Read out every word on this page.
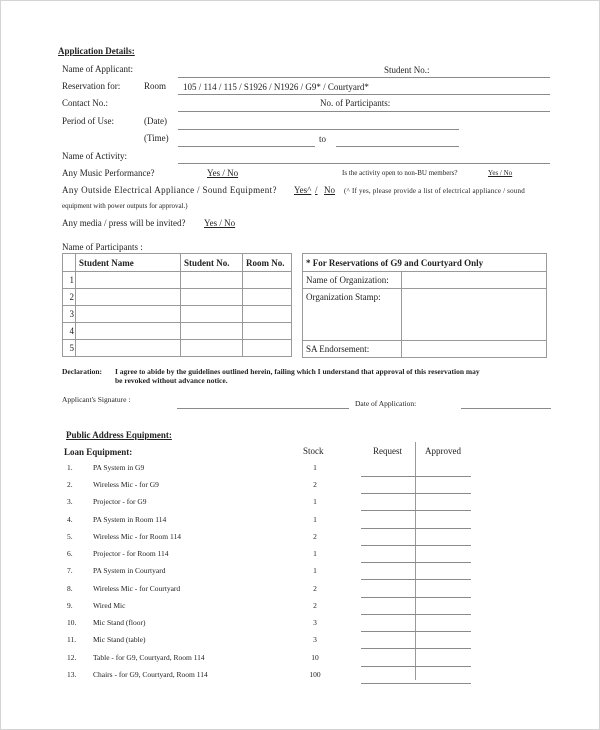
Application Details:
Name of Applicant:	Student No.:
Reservation for:	Room 105 / 114 / 115 / S1926 / N1926 / G9* / Courtyard*
Contact No.:	No. of Participants:
Period of Use:	(Date)
(Time)	to
Name of Activity:
Any Music Performance?	Yes / No	Is the activity open to non-BU members?	Yes / No
Any Outside Electrical Appliance / Sound Equipment? Yes^ / No (^ If yes, please provide a list of electrical appliance / sound
equipment with power outputs for approval.)
Any media / press will be invited? Yes / No
Name of Participants :
	Student Name	Student No.	Room No.
1			
2			
3			
4			
5			
* For Reservations of G9 and Courtyard Only	
Name of Organization:	
Organization Stamp:	
SA Endorsement:	
Declaration: I agree to abide by the guidelines outlined herein, failing which I understand that approval of this reservation may
be revoked without advance notice.
Applicant's Signature :	Date of Application:
Public Address Equipment:
Loan Equipment:	Stock	Request	Approved
1.	PA System in G9	1
2.	Wireless Mic - for G9	2
3.	Projector - for G9	1
4.	PA System in Room 114	1
5.	Wireless Mic - for Room 114	2
6.	Projector - for Room 114	1
7.	PA System in Courtyard	1
8.	Wireless Mic - for Courtyard	2
9.	Wired Mic	2
10. Mic Stand (floor)	3
11. Mic Stand (table)	3
12. Table - for G9, Courtyard, Room 114	10
13. Chairs - for G9, Courtyard, Room 114	100
